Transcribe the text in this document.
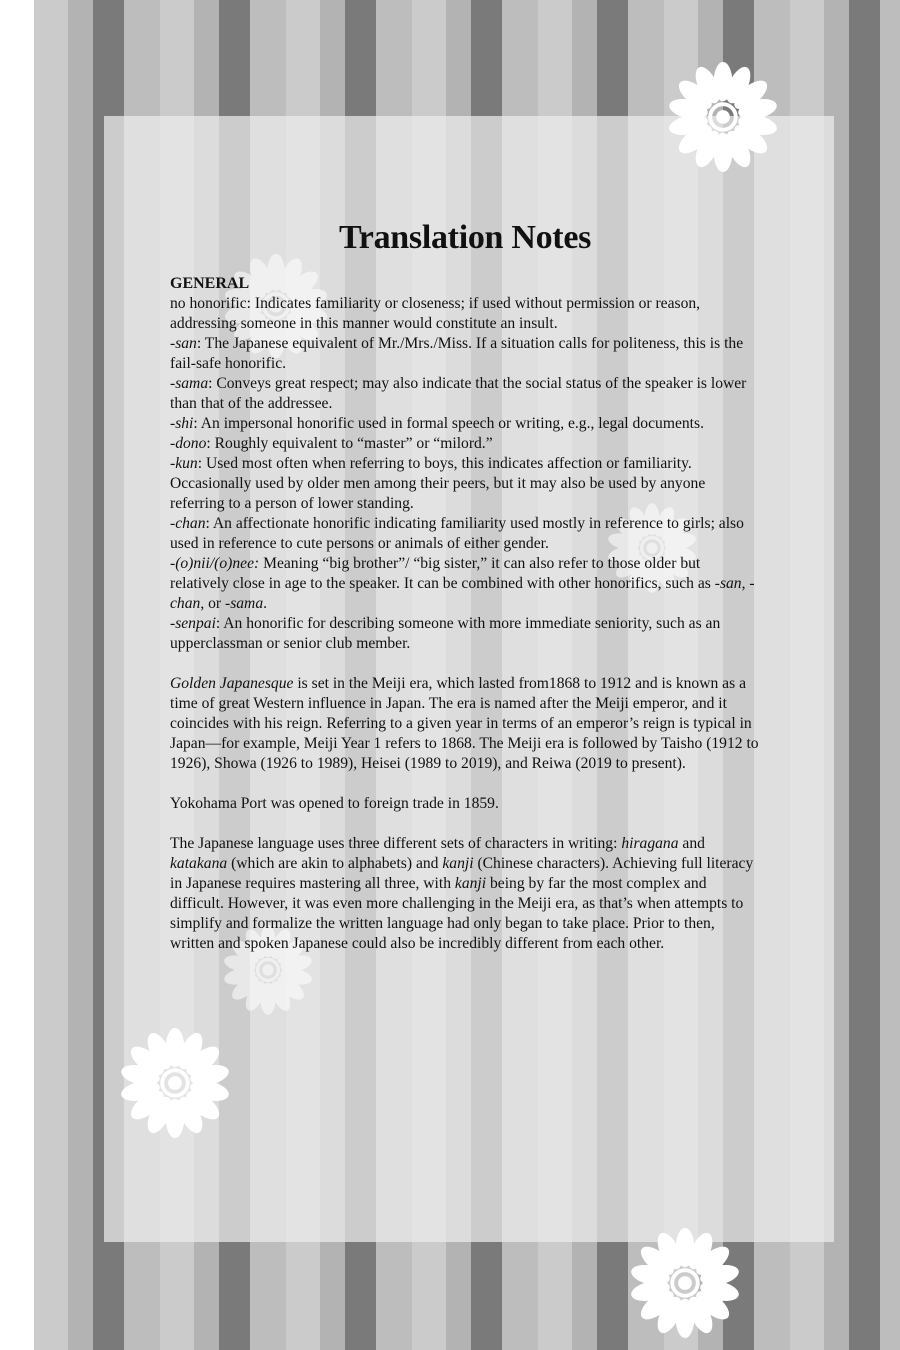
Translation Notes
GENERAL

no honorific: Indicates familiarity or closeness; if used without permission or reason, addressing someone in this manner would constitute an insult.

-san: The Japanese equivalent of Mr./Mrs./Miss. If a situation calls for politeness, this is the fail-safe honorific.

-sama: Conveys great respect; may also indicate that the social status of the speaker is lower than that of the addressee.

-shi: An impersonal honorific used in formal speech or writing, e.g., legal documents.

-dono: Roughly equivalent to “master” or “milord.”

-kun: Used most often when referring to boys, this indicates affection or familiarity. Occasionally used by older men among their peers, but it may also be used by anyone referring to a person of lower standing.

-chan: An affectionate honorific indicating familiarity used mostly in reference to girls; also used in reference to cute persons or animals of either gender.

-(o)nii/(o)nee: Meaning “big brother”/ “big sister,” it can also refer to those older but relatively close in age to the speaker. It can be combined with other honorifics, such as -san, -chan, or -sama.

-senpai: An honorific for describing someone with more immediate seniority, such as an upperclassman or senior club member.

Golden Japanesque is set in the Meiji era, which lasted from1868 to 1912 and is known as a time of great Western influence in Japan. The era is named after the Meiji emperor, and it coincides with his reign. Referring to a given year in terms of an emperor’s reign is typical in Japan—for example, Meiji Year 1 refers to 1868. The Meiji era is followed by Taisho (1912 to 1926), Showa (1926 to 1989), Heisei (1989 to 2019), and Reiwa (2019 to present).

Yokohama Port was opened to foreign trade in 1859.

The Japanese language uses three different sets of characters in writing: hiragana and katakana (which are akin to alphabets) and kanji (Chinese characters). Achieving full literacy in Japanese requires mastering all three, with kanji being by far the most complex and difficult. However, it was even more challenging in the Meiji era, as that’s when attempts to simplify and formalize the written language had only began to take place. Prior to then, written and spoken Japanese could also be incredibly different from each other.
